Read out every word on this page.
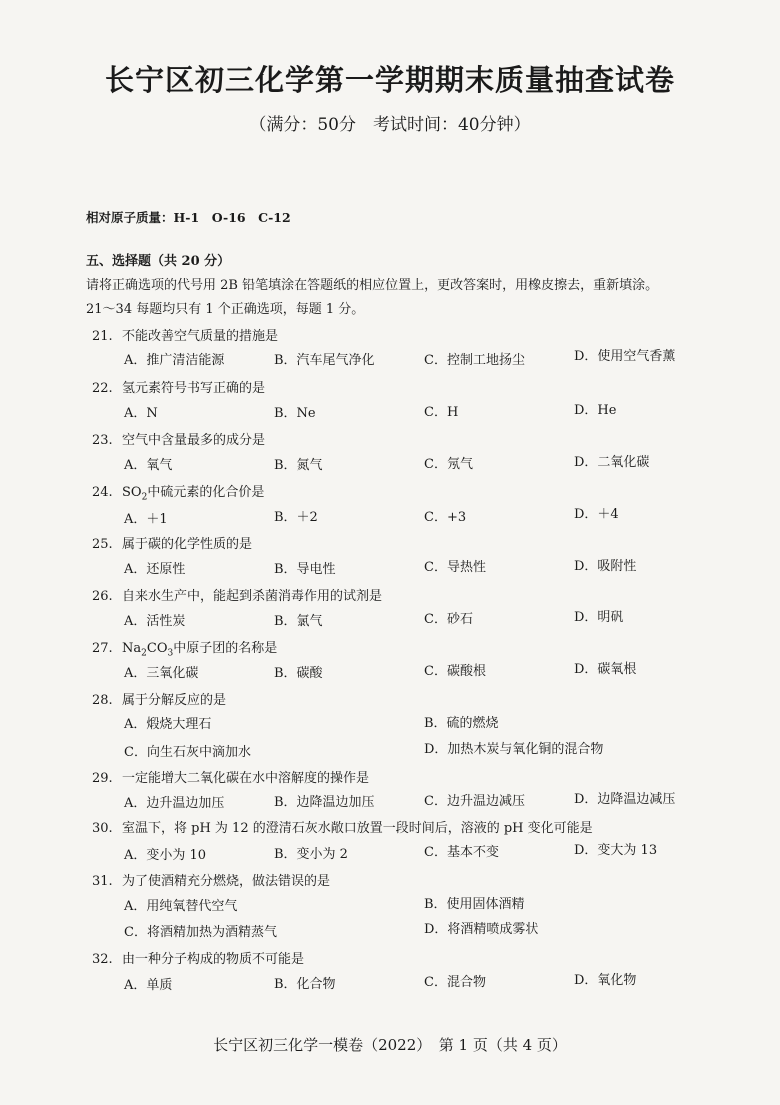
长宁区初三化学第一学期期末质量抽查试卷
（满分：50分　考试时间：40分钟）
相对原子质量：H-1　O-16　C-12
五、选择题（共 20 分）
请将正确选项的代号用 2B 铅笔填涂在答题纸的相应位置上，更改答案时，用橡皮擦去，重新填涂。
21～34 每题均只有 1 个正确选项，每题 1 分。
21. 不能改善空气质量的措施是
A．推广清洁能源	B．汽车尾气净化	C．控制工地扬尘	D．使用空气香薰
22. 氢元素符号书写正确的是
A．N	B．Ne	C．H	D．He
23. 空气中含量最多的成分是
A．氧气	B．氮气	C．氖气	D．二氧化碳
24. $SO_2$中硫元素的化合价是
A．＋1	B．＋2	C．+3	D．＋4
25. 属于碳的化学性质的是
A．还原性	B．导电性	C．导热性	D．吸附性
26. 自来水生产中，能起到杀菌消毒作用的试剂是
A．活性炭	B．氯气	C．砂石	D．明矾
27. $Na_2CO_3$中原子团的名称是
A．三氧化碳	B．碳酸	C．碳酸根	D．碳氧根
28. 属于分解反应的是
A．煅烧大理石	B．硫的燃烧
C．向生石灰中滴加水	D．加热木炭与氧化铜的混合物
29. 一定能增大二氧化碳在水中溶解度的操作是
A．边升温边加压	B．边降温边加压	C．边升温边减压	D．边降温边减压
30. 室温下，将 pH 为 12 的澄清石灰水敞口放置一段时间后，溶液的 pH 变化可能是
A．变小为 10	B．变小为 2	C．基本不变	D．变大为 13
31. 为了使酒精充分燃烧，做法错误的是
A．用纯氧替代空气	B．使用固体酒精
C．将酒精加热为酒精蒸气	D．将酒精喷成雾状
32. 由一种分子构成的物质不可能是
A．单质	B．化合物	C．混合物	D．氧化物
长宁区初三化学一模卷（2022）　第 1 页（共 4 页）
